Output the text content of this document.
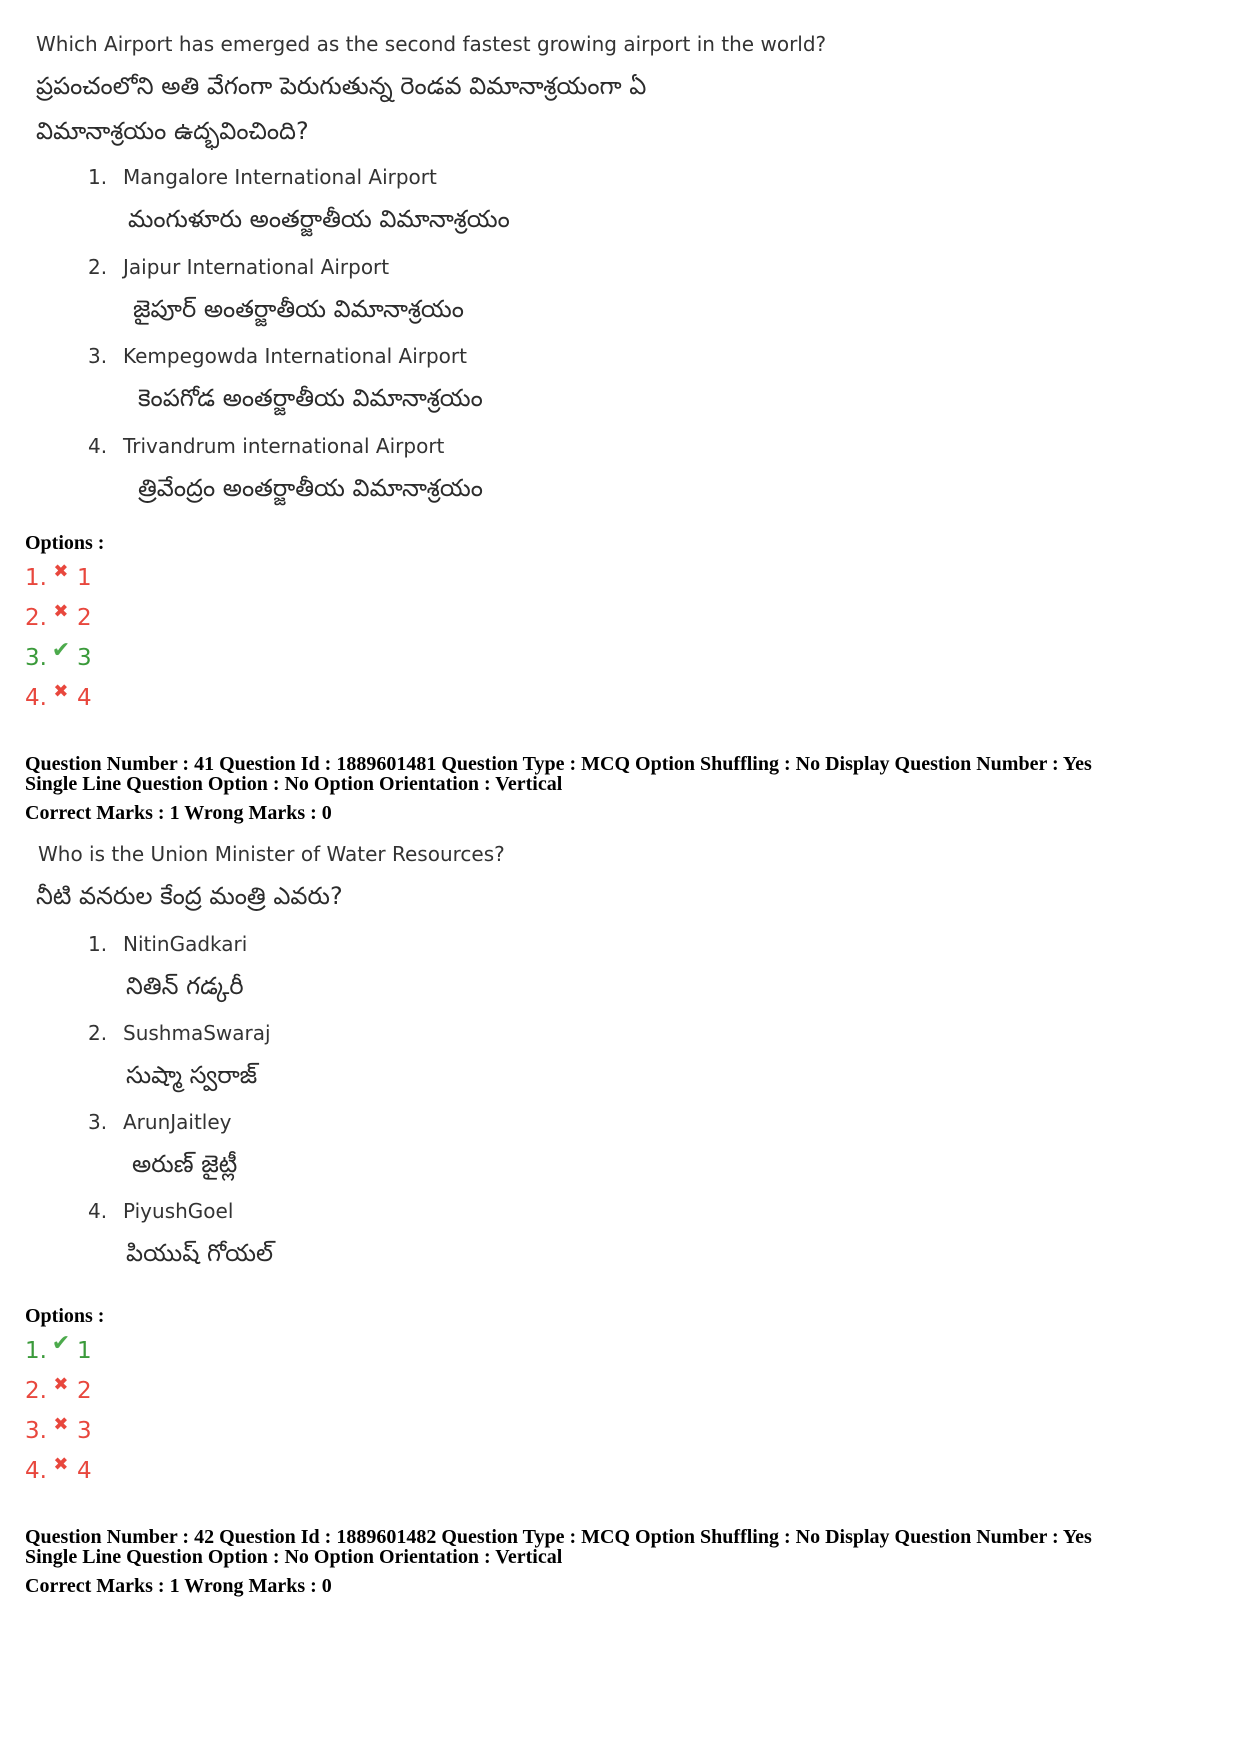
Which Airport has emerged as the second fastest growing airport in the world?
ప్రపంచంలోని అతి వేగంగా పెరుగుతున్న రెండవ విమానాశ్రయంగా ఏ
విమానాశ్రయం ఉద్భవించింది?
1. Mangalore International Airport
మంగుళూరు అంతర్జాతీయ విమానాశ్రయం
2. Jaipur International Airport
జైపూర్ అంతర్జాతీయ విమానాశ్రయం
3. Kempegowda International Airport
కెంపగోడ అంతర్జాతీయ విమానాశ్రయం
4. Trivandrum international Airport
త్రివేంద్రం అంతర్జాతీయ విమానాశ్రయం
Options :
1. ✖ 1
2. ✖ 2
3. ✔ 3
4. ✖ 4
Question Number : 41 Question Id : 1889601481 Question Type : MCQ Option Shuffling : No Display Question Number : Yes
Single Line Question Option : No Option Orientation : Vertical
Correct Marks : 1 Wrong Marks : 0
Who is the Union Minister of Water Resources?
నీటి వనరుల కేంద్ర మంత్రి ఎవరు?
1. NitinGadkari
నితిన్ గడ్కరీ
2. SushmaSwaraj
సుష్మా స్వరాజ్
3. ArunJaitley
అరుణ్ జైట్లీ
4. PiyushGoel
పియుష్ గోయల్
Options :
1. ✔ 1
2. ✖ 2
3. ✖ 3
4. ✖ 4
Question Number : 42 Question Id : 1889601482 Question Type : MCQ Option Shuffling : No Display Question Number : Yes
Single Line Question Option : No Option Orientation : Vertical
Correct Marks : 1 Wrong Marks : 0
